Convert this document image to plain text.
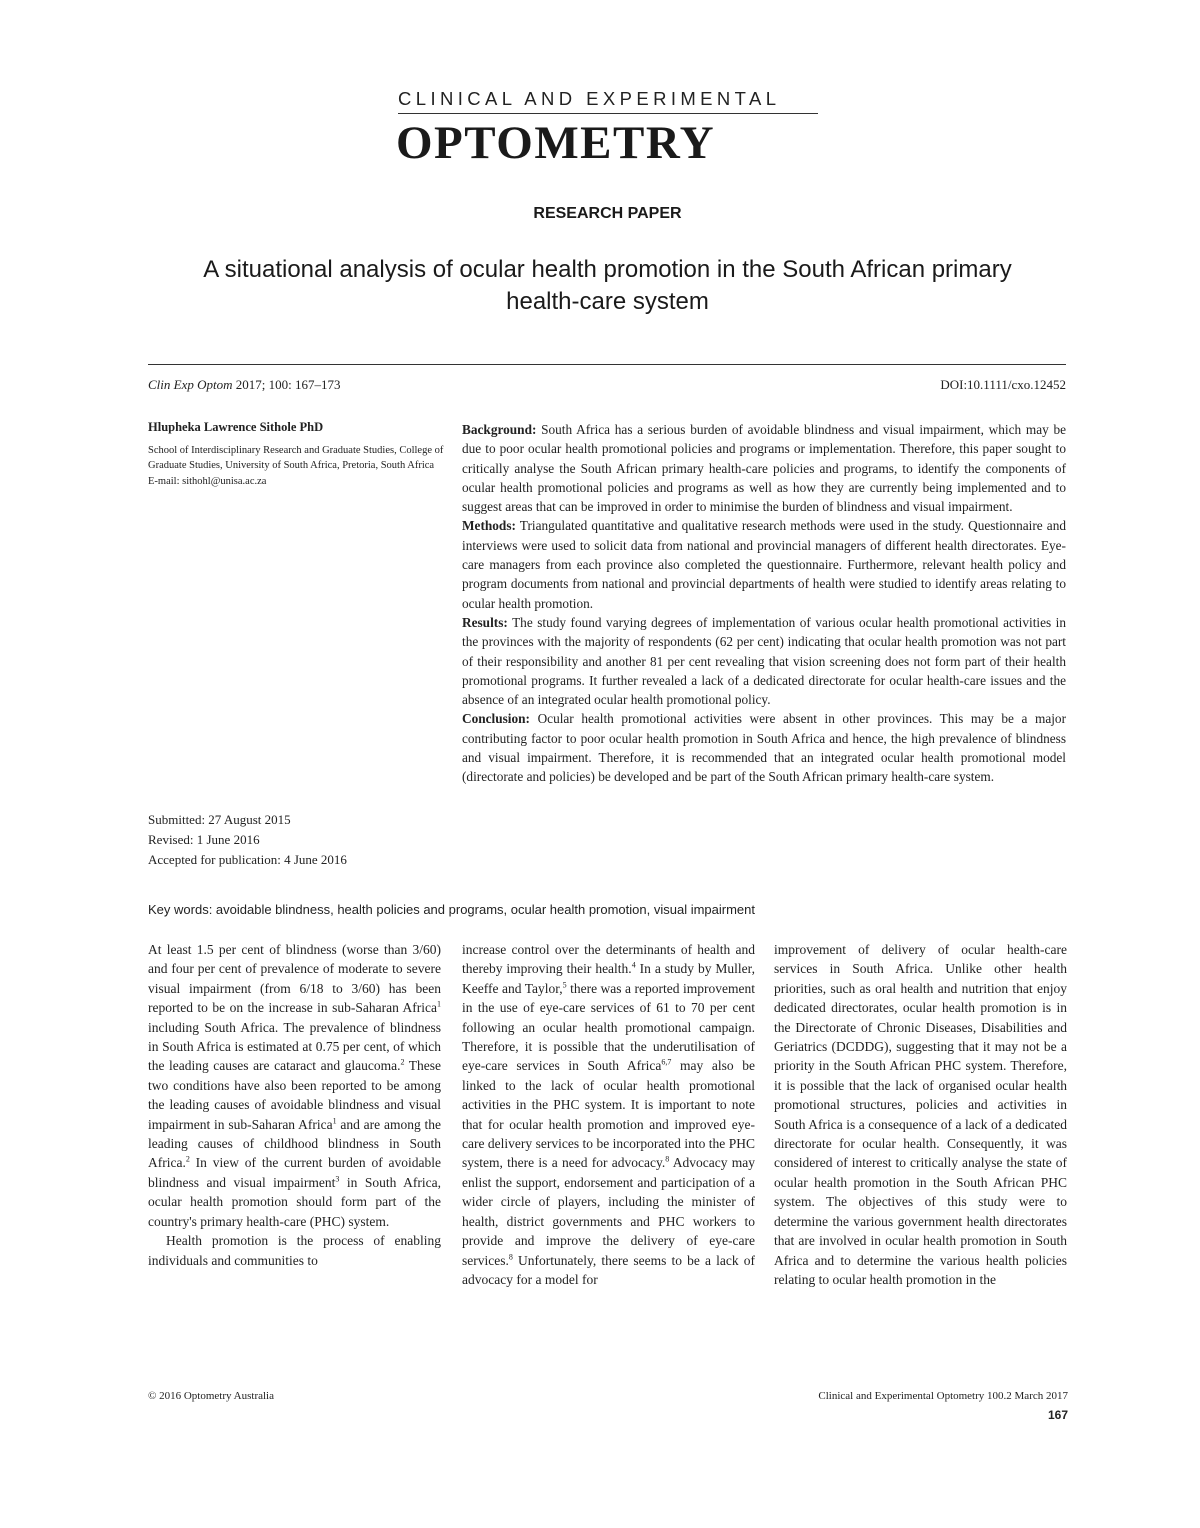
CLINICAL AND EXPERIMENTAL
OPTOMETRY
RESEARCH PAPER
A situational analysis of ocular health promotion in the South African primary
health-care system
Clin Exp Optom 2017; 100: 167–173	DOI:10.1111/cxo.12452
Hlupheka Lawrence Sithole PhD
School of Interdisciplinary Research and Graduate Studies, College of Graduate Studies, University of South Africa, Pretoria, South Africa
E-mail: sithohl@unisa.ac.za
Submitted: 27 August 2015
Revised: 1 June 2016
Accepted for publication: 4 June 2016

Background: South Africa has a serious burden of avoidable blindness and visual impairment, which may be due to poor ocular health promotional policies and programs or implementation. Therefore, this paper sought to critically analyse the South African primary health-care policies and programs, to identify the components of ocular health promotional policies and programs as well as how they are currently being implemented and to suggest areas that can be improved in order to minimise the burden of blindness and visual impairment.

Methods: Triangulated quantitative and qualitative research methods were used in the study. Questionnaire and interviews were used to solicit data from national and provincial managers of different health directorates. Eye-care managers from each province also completed the questionnaire. Furthermore, relevant health policy and program documents from national and provincial departments of health were studied to identify areas relating to ocular health promotion.

Results: The study found varying degrees of implementation of various ocular health promotional activities in the provinces with the majority of respondents (62 per cent) indicating that ocular health promotion was not part of their responsibility and another 81 per cent revealing that vision screening does not form part of their health promotional programs. It further revealed a lack of a dedicated directorate for ocular health-care issues and the absence of an integrated ocular health promotional policy.

Conclusion: Ocular health promotional activities were absent in other provinces. This may be a major contributing factor to poor ocular health promotion in South Africa and hence, the high prevalence of blindness and visual impairment. Therefore, it is recommended that an integrated ocular health promotional model (directorate and policies) be developed and be part of the South African primary health-care system.

Key words: avoidable blindness, health policies and programs, ocular health promotion, visual impairment

At least 1.5 per cent of blindness (worse than 3/60) and four per cent of prevalence of moderate to severe visual impairment (from 6/18 to 3/60) has been reported to be on the increase in sub-Saharan Africa$^1$ including South Africa. The prevalence of blindness in South Africa is estimated at 0.75 per cent, of which the leading causes are cataract and glaucoma.$^2$ These two conditions have also been reported to be among the leading causes of avoidable blindness and visual impairment in sub-Saharan Africa$^1$ and are among the leading causes of childhood blindness in South Africa.$^2$ In view of the current burden of avoidable blindness and visual impairment$^3$ in South Africa, ocular health promotion should form part of the country's primary health-care (PHC) system.

Health promotion is the process of enabling individuals and communities to

increase control over the determinants of health and thereby improving their health.$^4$ In a study by Muller, Keeffe and Taylor,$^5$ there was a reported improvement in the use of eye-care services of 61 to 70 per cent following an ocular health promotional campaign. Therefore, it is possible that the underutilisation of eye-care services in South Africa$^{6,7}$ may also be linked to the lack of ocular health promotional activities in the PHC system. It is important to note that for ocular health promotion and improved eye-care delivery services to be incorporated into the PHC system, there is a need for advocacy.$^8$ Advocacy may enlist the support, endorsement and participation of a wider circle of players, including the minister of health, district governments and PHC workers to provide and improve the delivery of eye-care services.$^8$ Unfortunately, there seems to be a lack of advocacy for a model for

improvement of delivery of ocular health-care services in South Africa. Unlike other health priorities, such as oral health and nutrition that enjoy dedicated directorates, ocular health promotion is in the Directorate of Chronic Diseases, Disabilities and Geriatrics (DCDDG), suggesting that it may not be a priority in the South African PHC system. Therefore, it is possible that the lack of organised ocular health promotional structures, policies and activities in South Africa is a consequence of a lack of a dedicated directorate for ocular health. Consequently, it was considered of interest to critically analyse the state of ocular health promotion in the South African PHC system. The objectives of this study were to determine the various government health directorates that are involved in ocular health promotion in South Africa and to determine the various health policies relating to ocular health promotion in the

© 2016 Optometry Australia	Clinical and Experimental Optometry 100.2 March 2017
167
